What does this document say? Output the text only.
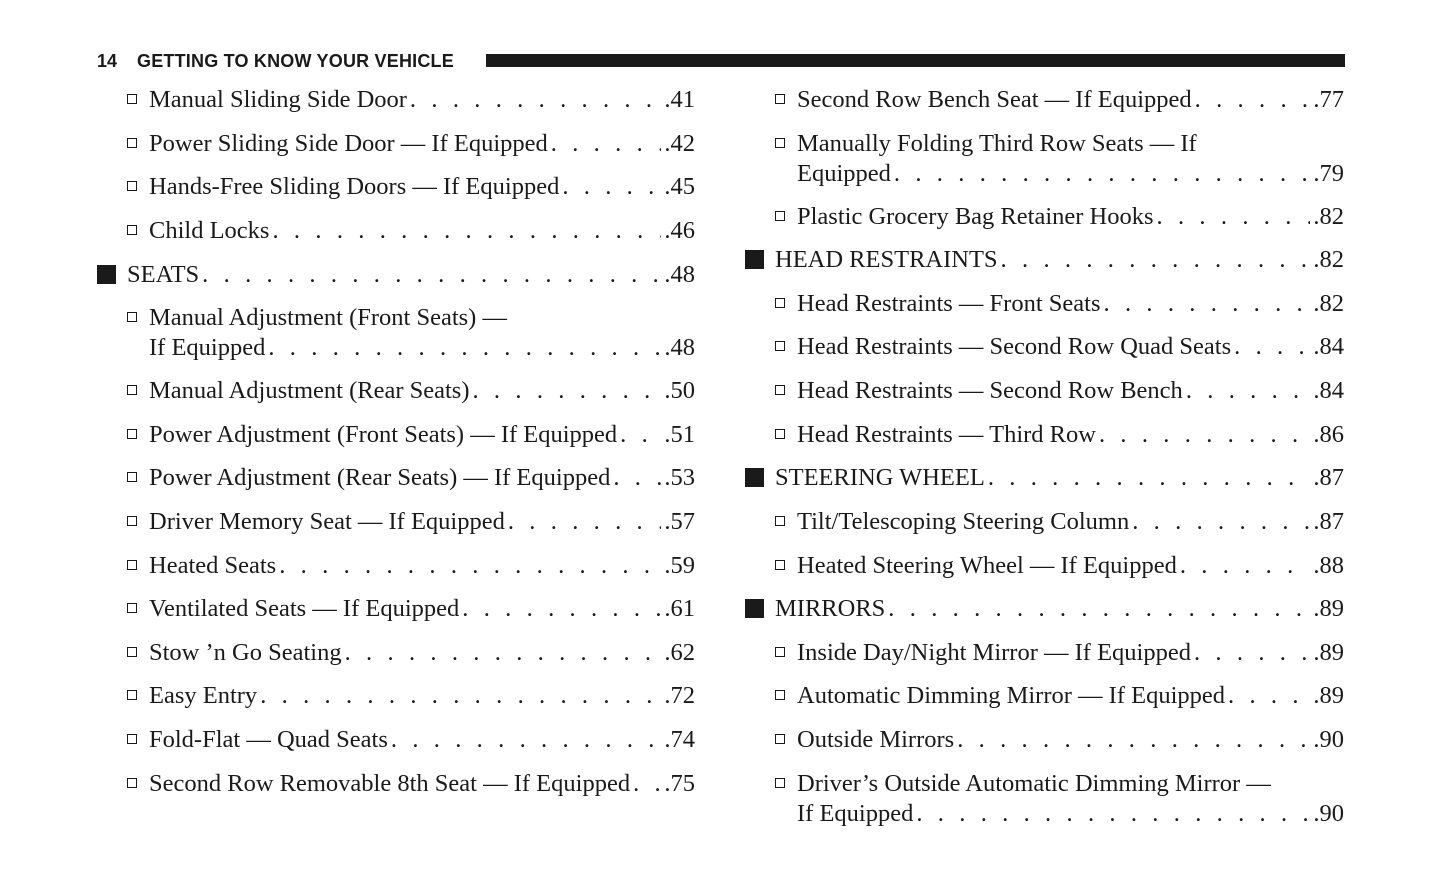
14 GETTING TO KNOW YOUR VEHICLE
Manual Sliding Side Door . . .	.41
Power Sliding Side Door — If Equipped . . .	.42
Hands-Free Sliding Doors — If Equipped . . .	.45
Child Locks . . .	.46
SEATS . . .	.48
Manual Adjustment (Front Seats) —
If Equipped . . .	.48
Manual Adjustment (Rear Seats) . . .	.50
Power Adjustment (Front Seats) — If Equipped . . . .51
Power Adjustment (Rear Seats) — If Equipped . . . .53
Driver Memory Seat — If Equipped . . .	.57
Heated Seats . . .	.59
Ventilated Seats — If Equipped . . .	.61
Stow ’n Go Seating . . .	.62
Easy Entry . . .	.72
Fold-Flat — Quad Seats . . .	.74
Second Row Removable 8th Seat — If Equipped . . . .75
Second Row Bench Seat — If Equipped . . .	.77
Manually Folding Third Row Seats — If
Equipped . . .	.79
Plastic Grocery Bag Retainer Hooks . . .	.82
HEAD RESTRAINTS . . .	.82
Head Restraints — Front Seats . . .	.82
Head Restraints — Second Row Quad Seats . . .	.84
Head Restraints — Second Row Bench . . .	.84
Head Restraints — Third Row . . .	.86
STEERING WHEEL . . .	.87
Tilt/Telescoping Steering Column . . .	.87
Heated Steering Wheel — If Equipped . . .	.88
MIRRORS . . .	.89
Inside Day/Night Mirror — If Equipped . . .	.89
Automatic Dimming Mirror — If Equipped . . .	.89
Outside Mirrors . . .	.90
Driver’s Outside Automatic Dimming Mirror —
If Equipped . . .	.90
